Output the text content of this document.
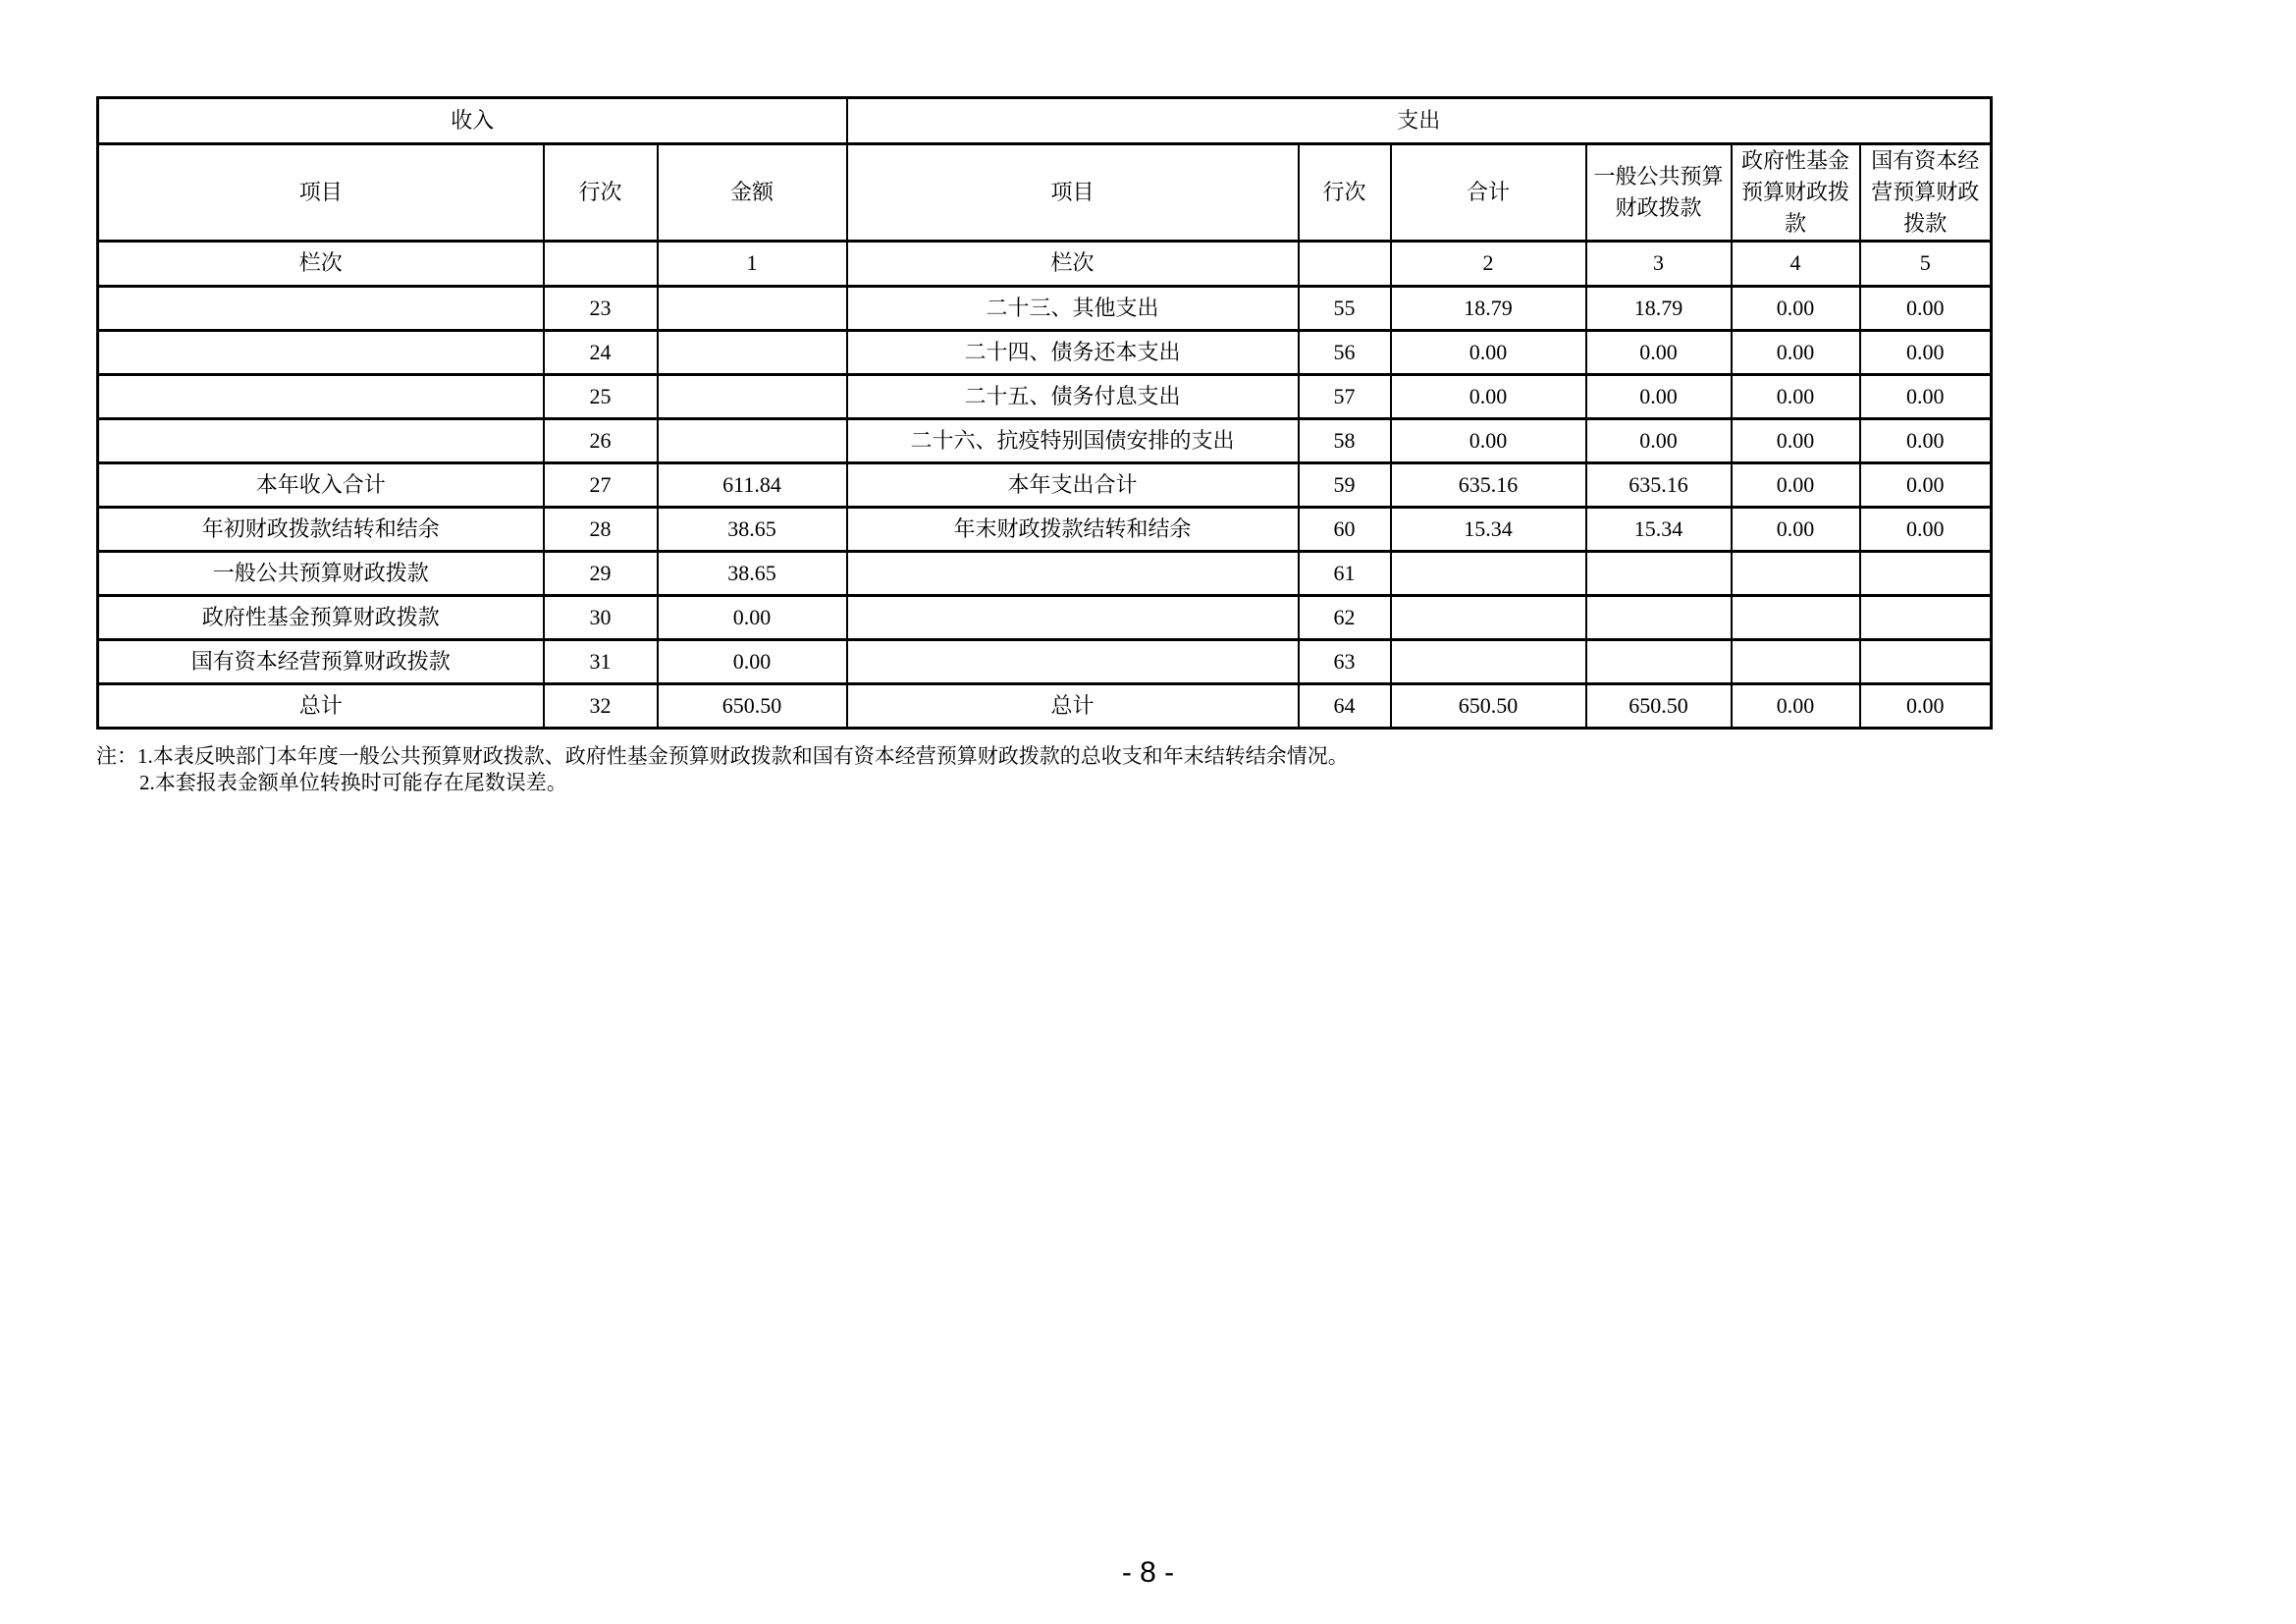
收入			支出					
项目	行次	金额	项目	行次	合计	一般公共预算财政拨款	政府性基金预算财政拨款	国有资本经营预算财政拨款
栏次		1	栏次		2	3	4	5
	23		二十三、其他支出	55	18.79	18.79	0.00	0.00
	24		二十四、债务还本支出	56	0.00	0.00	0.00	0.00
	25		二十五、债务付息支出	57	0.00	0.00	0.00	0.00
	26		二十六、抗疫特别国债安排的支出	58	0.00	0.00	0.00	0.00
本年收入合计	27	611.84	本年支出合计	59	635.16	635.16	0.00	0.00
年初财政拨款结转和结余	28	38.65	年末财政拨款结转和结余	60	15.34	15.34	0.00	0.00
一般公共预算财政拨款	29	38.65		61				
政府性基金预算财政拨款	30	0.00		62				
国有资本经营预算财政拨款	31	0.00		63				
总计	32	650.50	总计	64	650.50	650.50	0.00	0.00
注：1.本表反映部门本年度一般公共预算财政拨款、政府性基金预算财政拨款和国有资本经营预算财政拨款的总收支和年末结转结余情况。
2.本套报表金额单位转换时可能存在尾数误差。
- 8 -
